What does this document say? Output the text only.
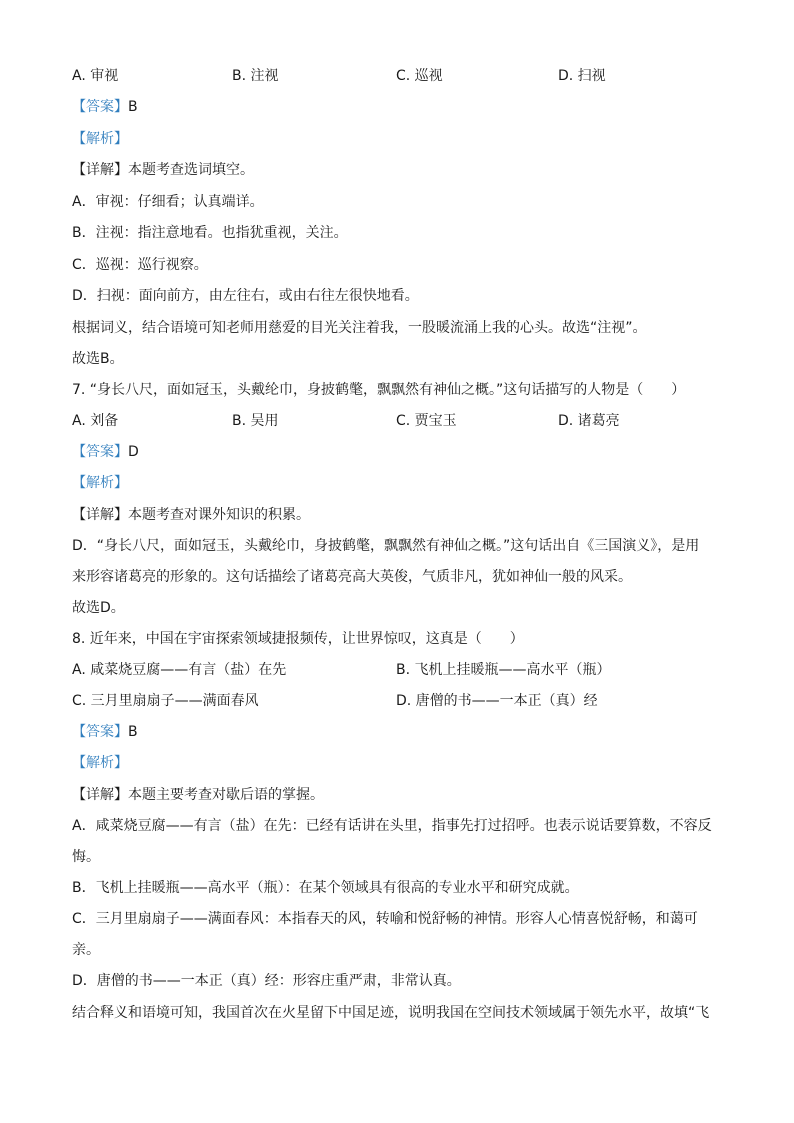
A. 审视	B. 注视	C. 巡视	D. 扫视
【答案】B
【解析】
【详解】本题考查选词填空。
A．审视：仔细看；认真端详。
B．注视：指注意地看。也指犹重视，关注。
C．巡视：巡行视察。
D．扫视：面向前方，由左往右，或由右往左很快地看。
根据词义，结合语境可知老师用慈爱的目光关注着我，一股暖流涌上我的心头。故选“注视”。
故选B。
7. “身长八尺，面如冠玉，头戴纶巾，身披鹤氅，飘飘然有神仙之概。”这句话描写的人物是（　　）
A. 刘备	B. 吴用	C. 贾宝玉	D. 诸葛亮
【答案】D
【解析】
【详解】本题考查对课外知识的积累。
D．“身长八尺，面如冠玉，头戴纶巾，身披鹤氅，飘飘然有神仙之概。”这句话出自《三国演义》，是用
来形容诸葛亮的形象的。这句话描绘了诸葛亮高大英俊，气质非凡，犹如神仙一般的风采。
故选D。
8. 近年来，中国在宇宙探索领域捷报频传，让世界惊叹，这真是（　　）
A. 咸菜烧豆腐——有言（盐）在先	B. 飞机上挂暖瓶——高水平（瓶）
C. 三月里扇扇子——满面春风	D. 唐僧的书——一本正（真）经
【答案】B
【解析】
【详解】本题主要考查对歇后语的掌握。
A．咸菜烧豆腐——有言（盐）在先：已经有话讲在头里，指事先打过招呼。也表示说话要算数，不容反
悔。
B．飞机上挂暖瓶——高水平（瓶）：在某个领域具有很高的专业水平和研究成就。
C．三月里扇扇子——满面春风：本指春天的风，转喻和悦舒畅的神情。形容人心情喜悦舒畅，和蔼可
亲。
D．唐僧的书——一本正（真）经：形容庄重严肃，非常认真。
结合释义和语境可知，我国首次在火星留下中国足迹，说明我国在空间技术领域属于领先水平，故填“飞
